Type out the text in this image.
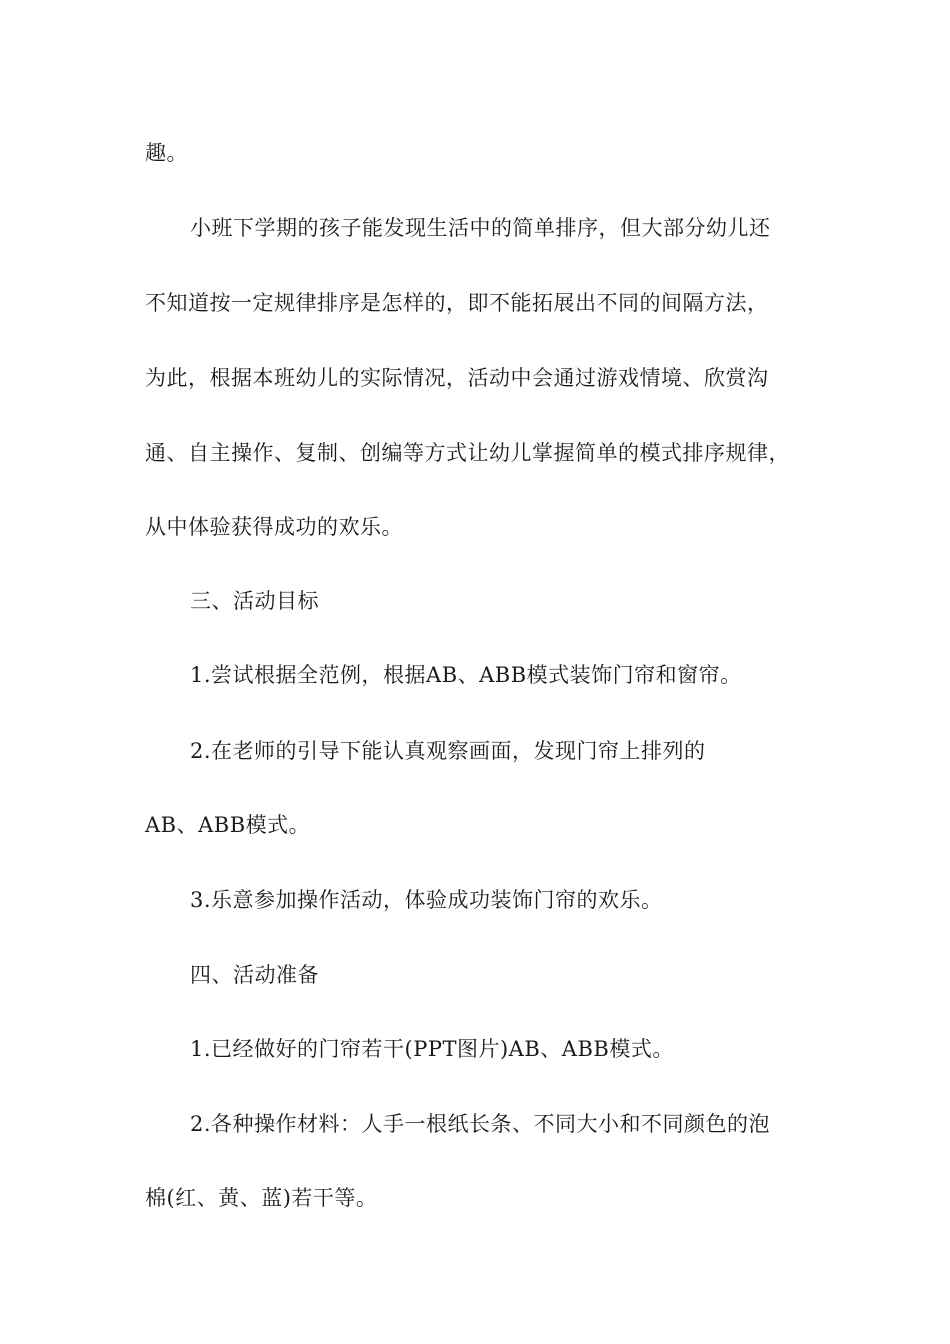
趣。
小班下学期的孩子能发现生活中的简单排序，但大部分幼儿还
不知道按一定规律排序是怎样的，即不能拓展出不同的间隔方法，
为此，根据本班幼儿的实际情况，活动中会通过游戏情境、欣赏沟
通、自主操作、复制、创编等方式让幼儿掌握简单的模式排序规律，
从中体验获得成功的欢乐。
三、活动目标
1.尝试根据全范例，根据AB、ABB模式装饰门帘和窗帘。
2.在老师的引导下能认真观察画面，发现门帘上排列的
AB、ABB模式。
3.乐意参加操作活动，体验成功装饰门帘的欢乐。
四、活动准备
1.已经做好的门帘若干(PPT图片)AB、ABB模式。
2.各种操作材料：人手一根纸长条、不同大小和不同颜色的泡
棉(红、黄、蓝)若干等。
